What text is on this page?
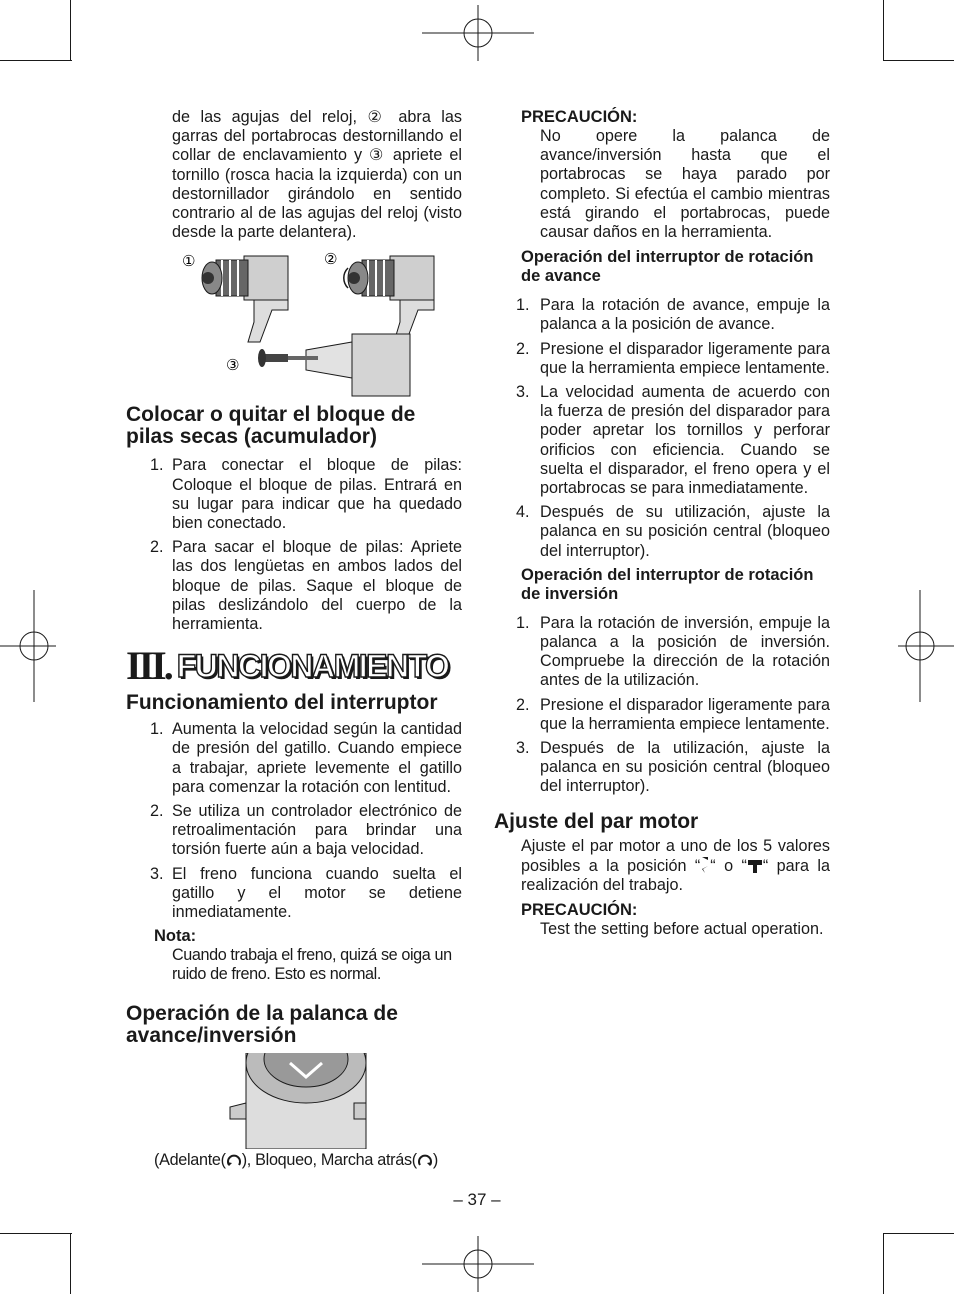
de las agujas del reloj, ② abra las garras del portabrocas destornillando el collar de enclavamiento y ③ apriete el tornillo (rosca hacia la izquierda) con un destornillador girándolo en sentido contrario al de las agujas del reloj (visto desde la parte delantera).

①	②
③
Colocar o quitar el bloque de pilas secas (acumulador)
1. Para conectar el bloque de pilas: Coloque el bloque de pilas. Entrará en su lugar para indicar que ha quedado bien conectado.
2. Para sacar el bloque de pilas: Apriete las dos lengüetas en ambos lados del bloque de pilas. Saque el bloque de pilas deslizándolo del cuerpo de la herramienta.
III. FUNCIONAMIENTO
Funcionamiento del interruptor
1. Aumenta la velocidad según la cantidad de presión del gatillo. Cuando empiece a trabajar, apriete levemente el gatillo para comenzar la rotación con lentitud.
2. Se utiliza un controlador electrónico de retroalimentación para brindar una torsión fuerte aún a baja velocidad.
3. El freno funciona cuando suelta el gatillo y el motor se detiene inmediatamente.
Nota:

Cuando trabaja el freno, quizá se oiga un ruido de freno. Esto es normal.

Operación de la palanca de avance/inversión
(Adelante( ), Bloqueo, Marcha atrás( )
PRECAUCIÓN:

No opere la palanca de avance/inversión hasta que el portabrocas se haya parado por completo. Si efectúa el cambio mientras está girando el portabrocas, puede causar daños en la herramienta.

Operación del interruptor de rotación de avance
1. Para la rotación de avance, empuje la palanca a la posición de avance.
2. Presione el disparador ligeramente para que la herramienta empiece lentamente.
3. La velocidad aumenta de acuerdo con la fuerza de presión del disparador para poder apretar los tornillos y perforar orificios con eficiencia. Cuando se suelta el disparador, el freno opera y el portabrocas se para inmediatamente.
4. Después de su utilización, ajuste la palanca en su posición central (bloqueo del interruptor).
Operación del interruptor de rotación de inversión
1. Para la rotación de inversión, empuje la palanca a la posición de inversión. Compruebe la dirección de la rotación antes de la utilización.
2. Presione el disparador ligeramente para que la herramienta empiece lentamente.
3. Después de la utilización, ajuste la palanca en su posición central (bloqueo del interruptor).
Ajuste del par motor

Ajuste el par motor a uno de los 5 valores posibles a la posición “ “ o “ “ para la realización del trabajo.

PRECAUCIÓN:

Test the setting before actual operation.

– 37 –
